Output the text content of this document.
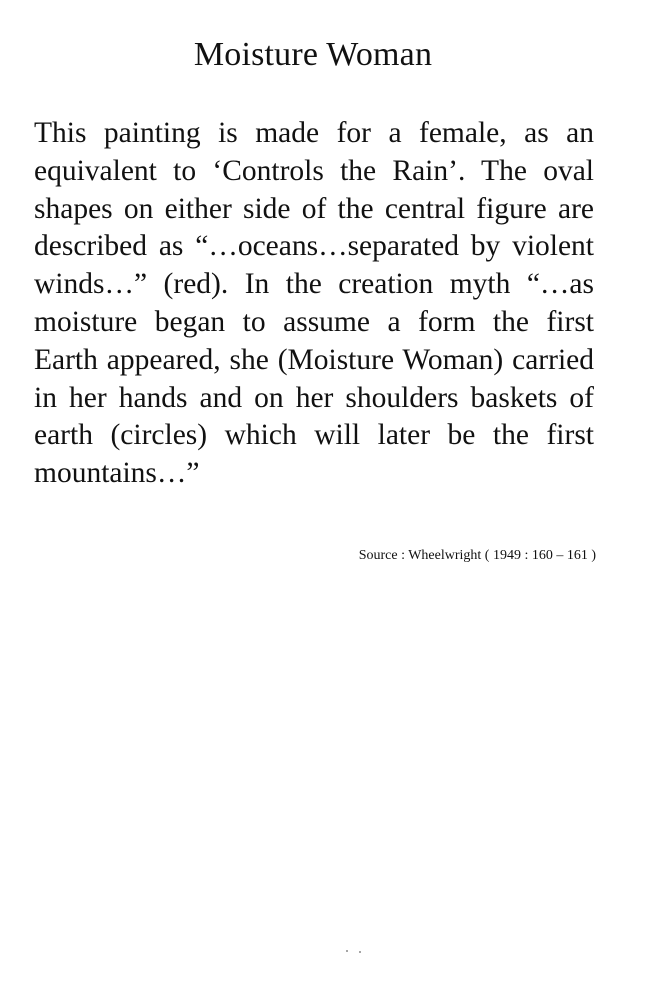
Moisture Woman

This painting is made for a female, as an equivalent to ‘Controls the Rain’. The oval shapes on either side of the central figure are described as “…oceans…separated by violent winds…” (red). In the creation myth “…as moisture began to assume a form the first Earth appeared, she (Moisture Woman) carried in her hands and on her shoulders baskets of earth (circles) which will later be the first mountains…”

Source : Wheelwright ( 1949 : 160 – 161 )
